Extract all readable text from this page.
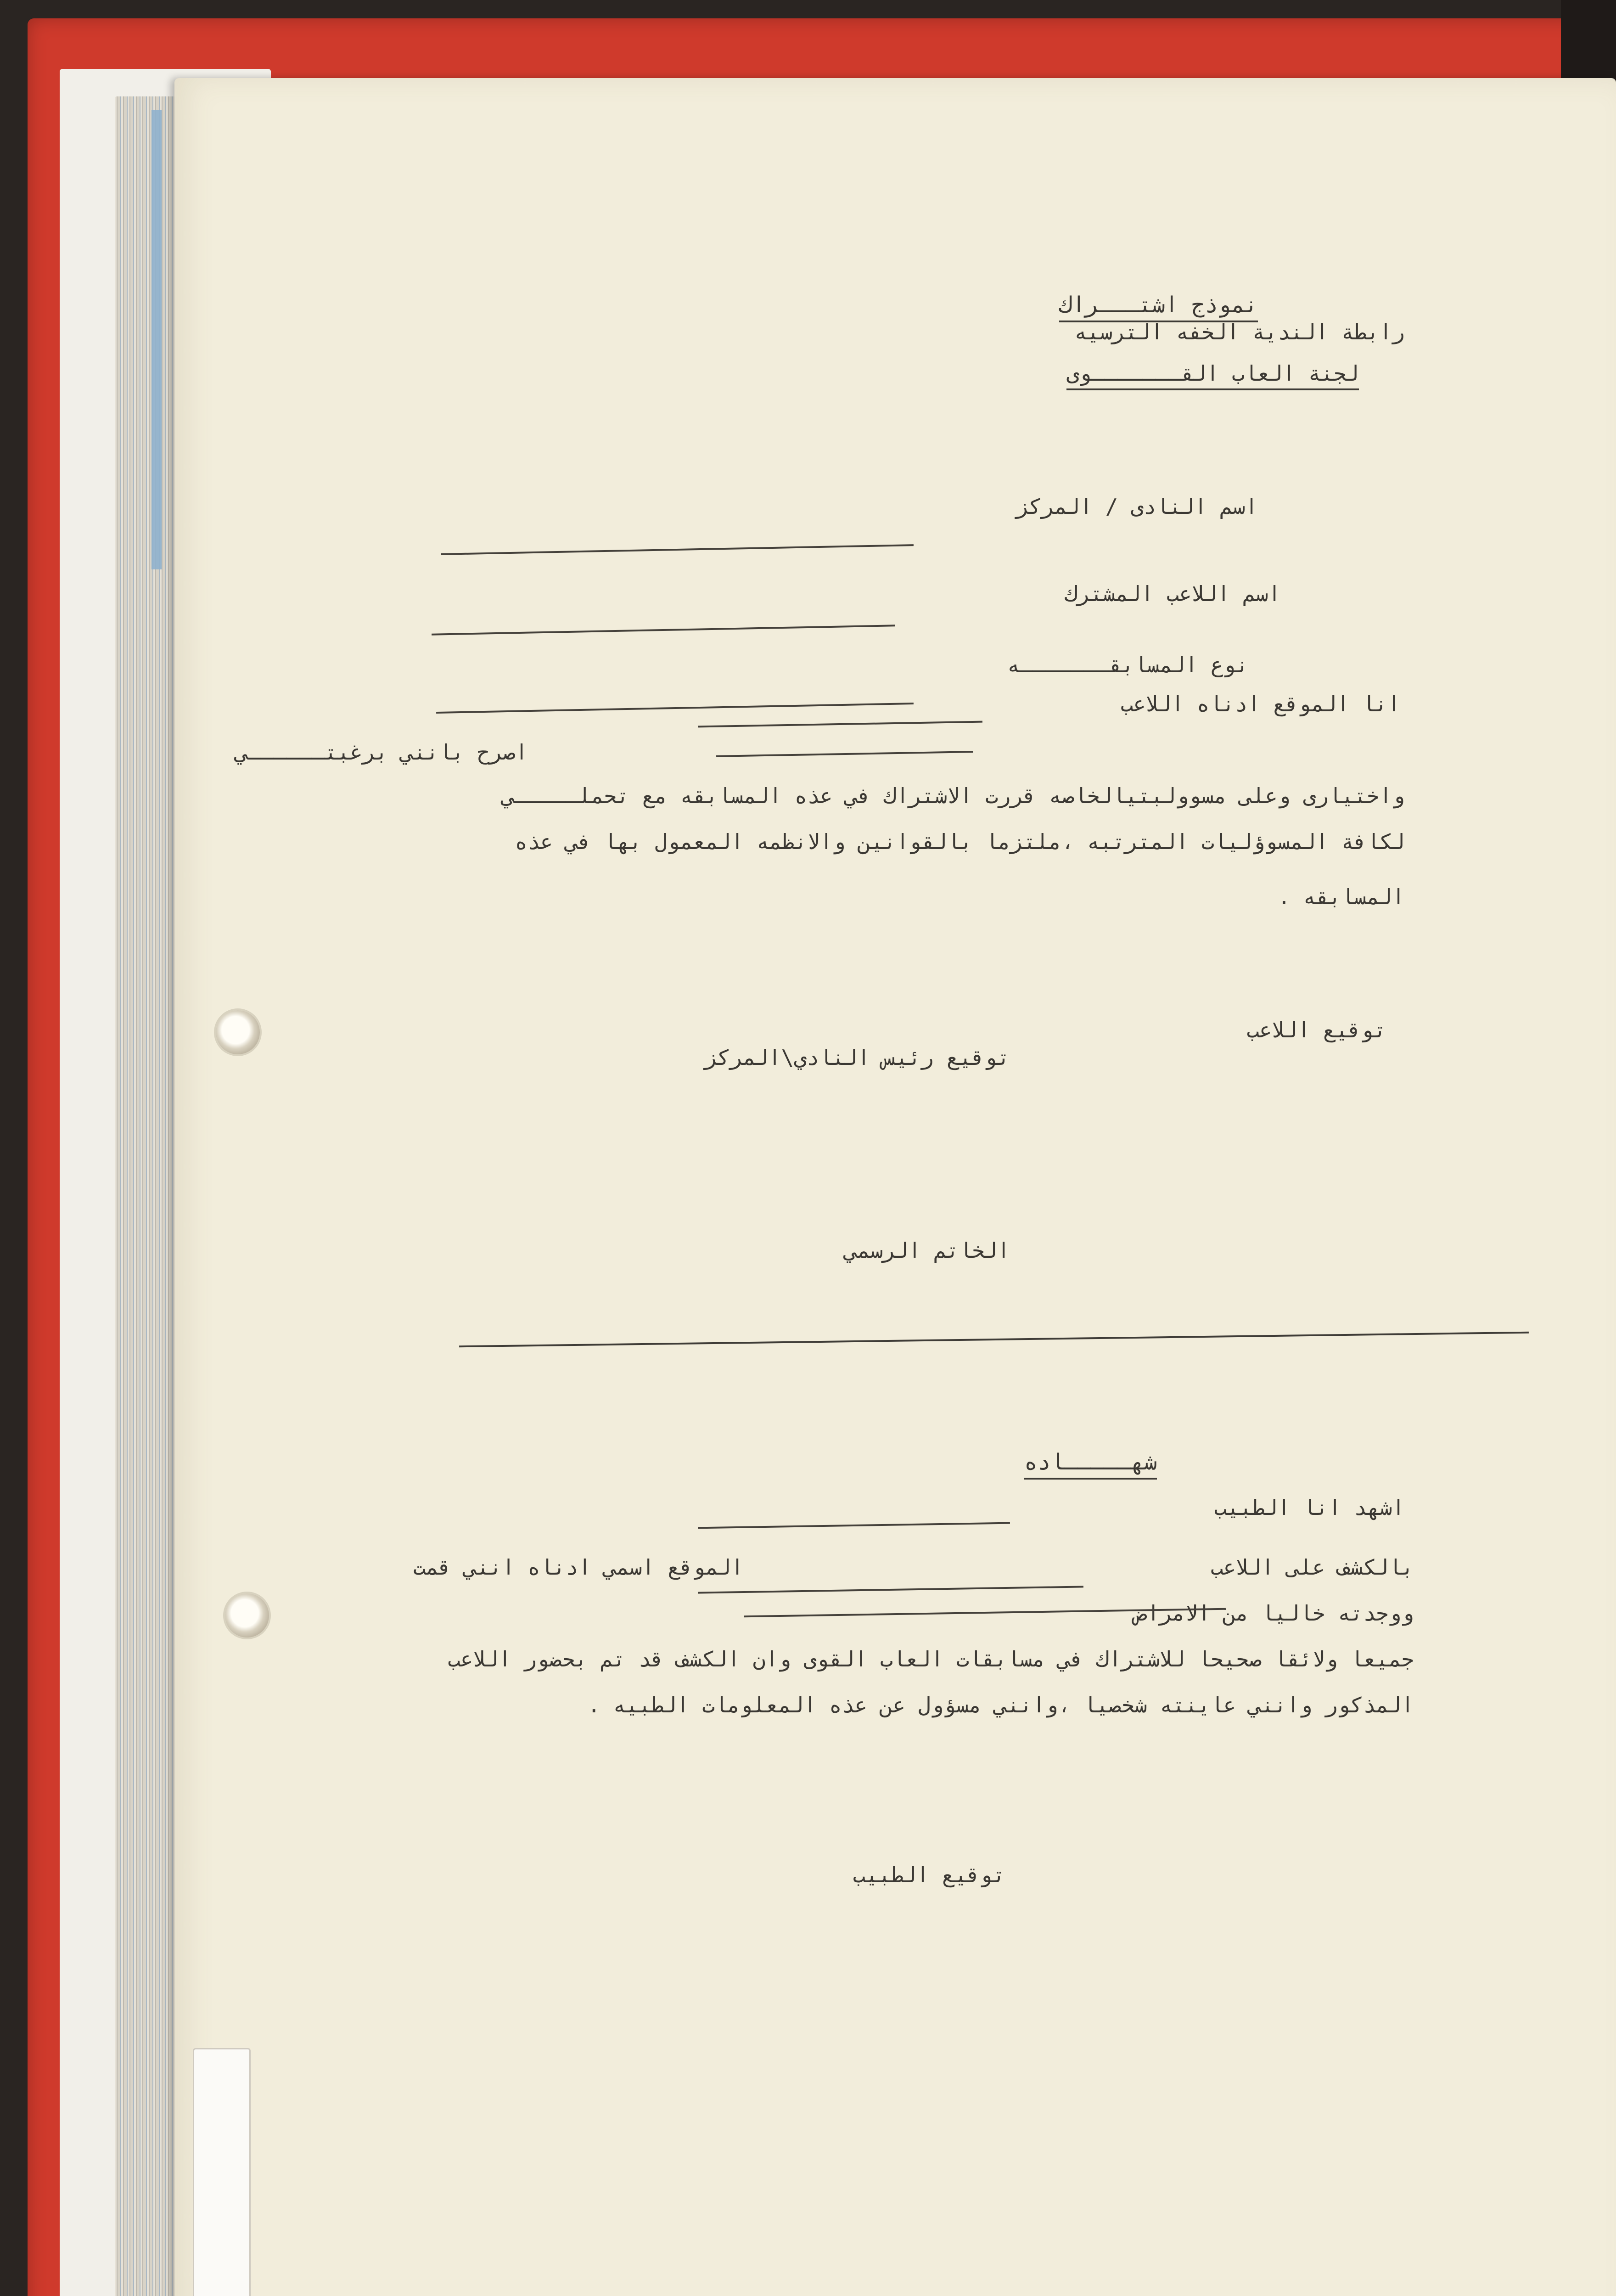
نموذج اشتـــراك
رابطة الندية الخفه الترسيه
لجنة العاب القـــــــوى
اسم النادى / المركز
اسم اللاعب المشترك
نوع المسابقـــــــه
انا الموقع ادناه اللاعب
اصرح بانني برغبتــــــي
واختيارى وعلى مسوولبتيالخاصه قررت الاشتراك في عذه المسابقه مع تحملـــــي
لكافة المسوؤليات المترتبه ،ملتزما بالقوانين والانظمه المعمول بها في عذه
المسابقه .
توقيع اللاعب
توقيع رئيس النادي\المركز
الخاتم الرسمي
شهـــــاده
اشهد انا الطبيب
الموقع اسمي ادناه انني قمت	بالكشف على اللاعب
ووجدته خاليا من الامراض
جميعا ولائقا صحيحا للاشتراك في مسابقات العاب القوى وان الكشف قد تم بحضور اللاعب
المذكور وانني عاينته شخصيا ،وانني مسؤول عن عذه المعلومات الطبيه .
توقيع الطبيب
